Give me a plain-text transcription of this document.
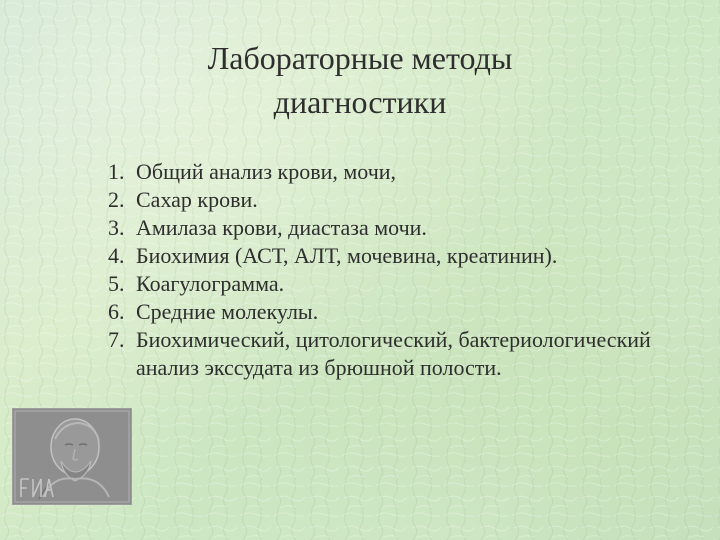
Лабораторные методы диагностики
1. Общий анализ крови, мочи,
2. Сахар крови.
3. Амилаза крови, диастаза мочи.
4. Биохимия (АСТ, АЛТ, мочевина, креатинин).
5. Коагулограмма.
6. Средние молекулы.
7. Биохимический, цитологический, бактериологический анализ экссудата из брюшной полости.
